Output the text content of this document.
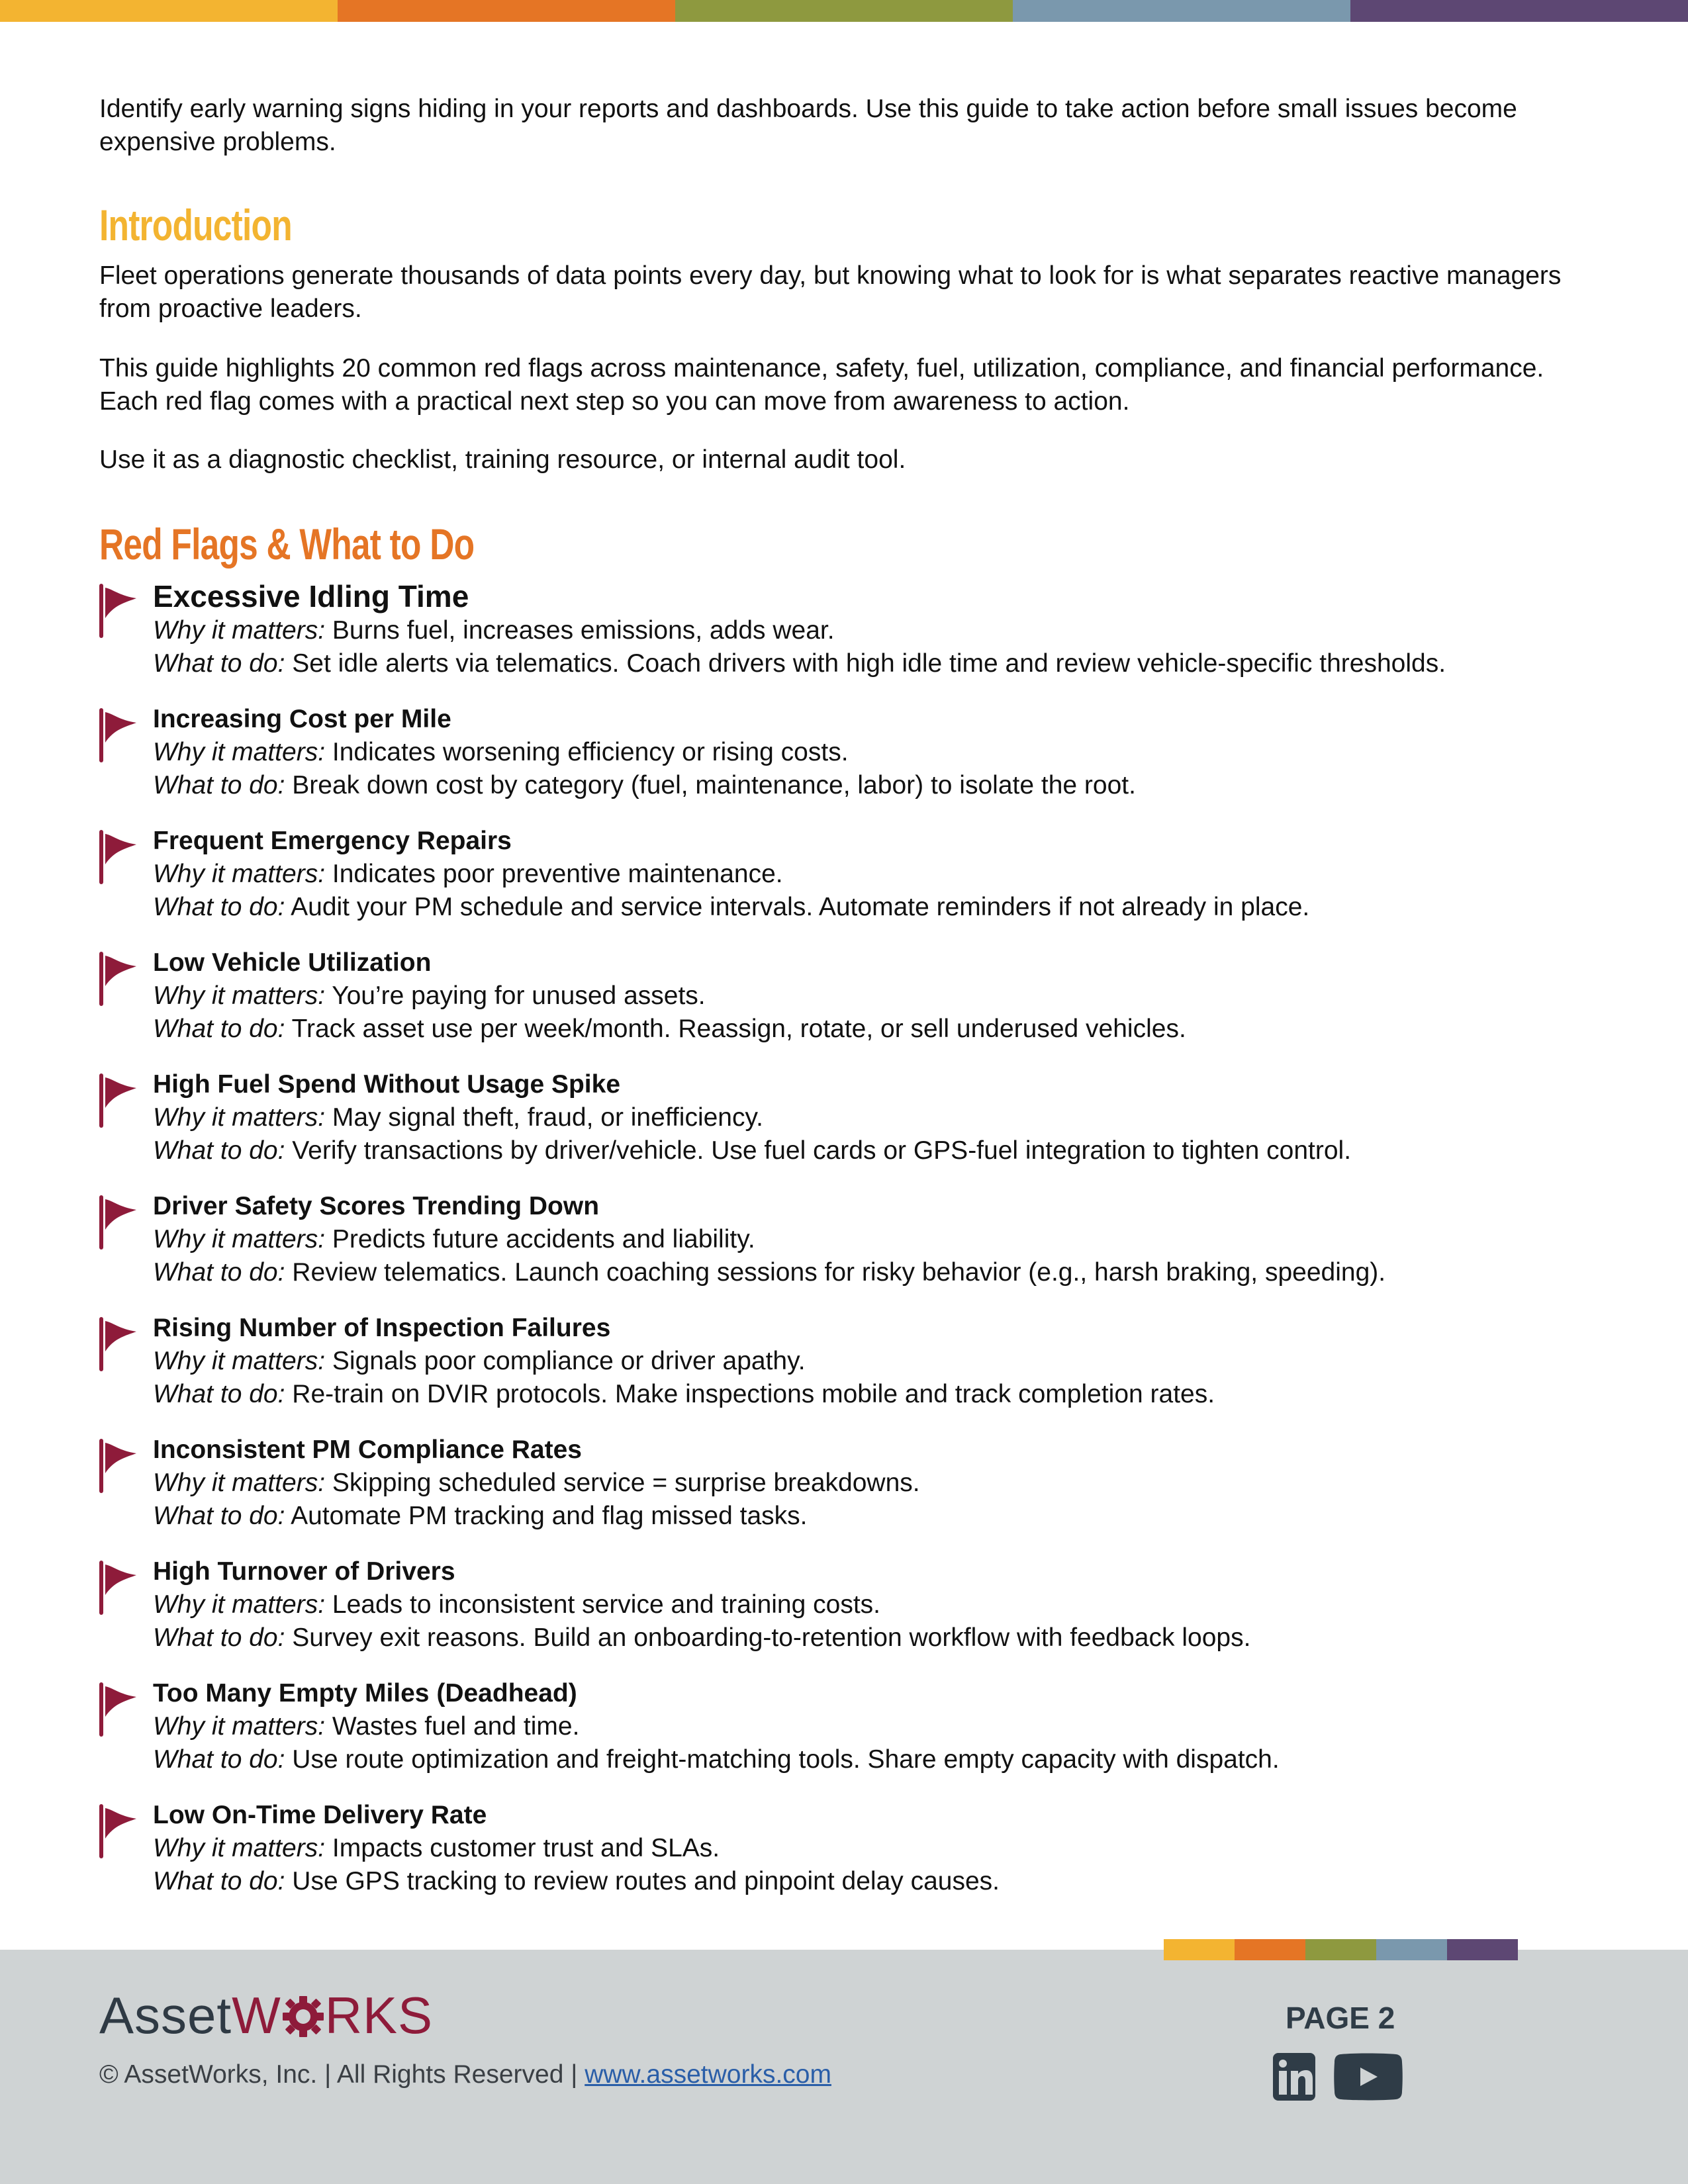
Identify early warning signs hiding in your reports and dashboards. Use this guide to take action before small issues become expensive problems.

Introduction

Fleet operations generate thousands of data points every day, but knowing what to look for is what separates reactive managers from proactive leaders.

This guide highlights 20 common red flags across maintenance, safety, fuel, utilization, compliance, and financial performance. Each red flag comes with a practical next step so you can move from awareness to action.

Use it as a diagnostic checklist, training resource, or internal audit tool.

Red Flags & What to Do
Excessive Idling Time
Why it matters: Burns fuel, increases emissions, adds wear.
What to do: Set idle alerts via telematics. Coach drivers with high idle time and review vehicle-specific thresholds.
Increasing Cost per Mile
Why it matters: Indicates worsening efficiency or rising costs.
What to do: Break down cost by category (fuel, maintenance, labor) to isolate the root.
Frequent Emergency Repairs
Why it matters: Indicates poor preventive maintenance.
What to do: Audit your PM schedule and service intervals. Automate reminders if not already in place.
Low Vehicle Utilization
Why it matters: You’re paying for unused assets.
What to do: Track asset use per week/month. Reassign, rotate, or sell underused vehicles.
High Fuel Spend Without Usage Spike
Why it matters: May signal theft, fraud, or inefficiency.
What to do: Verify transactions by driver/vehicle. Use fuel cards or GPS-fuel integration to tighten control.
Driver Safety Scores Trending Down
Why it matters: Predicts future accidents and liability.
What to do: Review telematics. Launch coaching sessions for risky behavior (e.g., harsh braking, speeding).
Rising Number of Inspection Failures
Why it matters: Signals poor compliance or driver apathy.
What to do: Re-train on DVIR protocols. Make inspections mobile and track completion rates.
Inconsistent PM Compliance Rates
Why it matters: Skipping scheduled service = surprise breakdowns.
What to do: Automate PM tracking and flag missed tasks.
High Turnover of Drivers
Why it matters: Leads to inconsistent service and training costs.
What to do: Survey exit reasons. Build an onboarding-to-retention workflow with feedback loops.
Too Many Empty Miles (Deadhead)
Why it matters: Wastes fuel and time.
What to do: Use route optimization and freight-matching tools. Share empty capacity with dispatch.
Low On-Time Delivery Rate
Why it matters: Impacts customer trust and SLAs.
What to do: Use GPS tracking to review routes and pinpoint delay causes.
AssetW RKS
© AssetWorks, Inc. | All Rights Reserved | www.assetworks.com
PAGE 2
